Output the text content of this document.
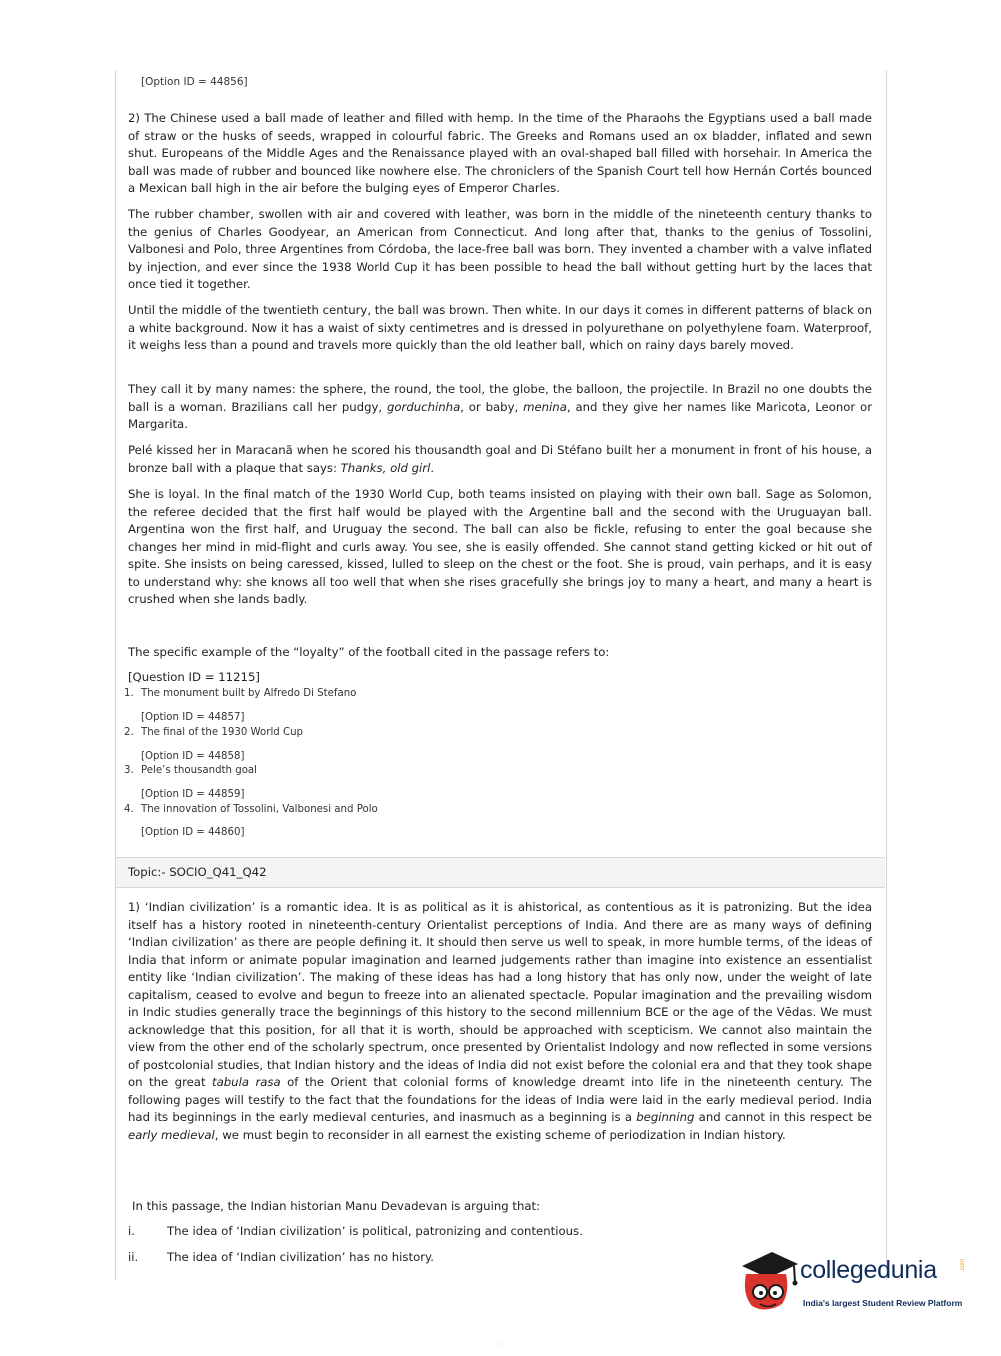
[Option ID = 44856]

2) The Chinese used a ball made of leather and filled with hemp. In the time of the Pharaohs the Egyptians used a ball made of straw or the husks of seeds, wrapped in colourful fabric. The Greeks and Romans used an ox bladder, inflated and sewn shut. Europeans of the Middle Ages and the Renaissance played with an oval-shaped ball filled with horsehair. In America the ball was made of rubber and bounced like nowhere else. The chroniclers of the Spanish Court tell how Hernán Cortés bounced a Mexican ball high in the air before the bulging eyes of Emperor Charles.

The rubber chamber, swollen with air and covered with leather, was born in the middle of the nineteenth century thanks to the genius of Charles Goodyear, an American from Connecticut. And long after that, thanks to the genius of Tossolini, Valbonesi and Polo, three Argentines from Córdoba, the lace-free ball was born. They invented a chamber with a valve inflated by injection, and ever since the 1938 World Cup it has been possible to head the ball without getting hurt by the laces that once tied it together.

Until the middle of the twentieth century, the ball was brown. Then white. In our days it comes in different patterns of black on a white background. Now it has a waist of sixty centimetres and is dressed in polyurethane on polyethylene foam. Waterproof, it weighs less than a pound and travels more quickly than the old leather ball, which on rainy days barely moved.

They call it by many names: the sphere, the round, the tool, the globe, the balloon, the projectile. In Brazil no one doubts the ball is a woman. Brazilians call her pudgy, gorduchinha, or baby, menina, and they give her names like Maricota, Leonor or Margarita.

Pelé kissed her in Maracanã when he scored his thousandth goal and Di Stéfano built her a monument in front of his house, a bronze ball with a plaque that says: Thanks, old girl.

She is loyal. In the final match of the 1930 World Cup, both teams insisted on playing with their own ball. Sage as Solomon, the referee decided that the first half would be played with the Argentine ball and the second with the Uruguayan ball. Argentina won the first half, and Uruguay the second. The ball can also be fickle, refusing to enter the goal because she changes her mind in mid-flight and curls away. You see, she is easily offended. She cannot stand getting kicked or hit out of spite. She insists on being caressed, kissed, lulled to sleep on the chest or the foot. She is proud, vain perhaps, and it is easy to understand why: she knows all too well that when she rises gracefully she brings joy to many a heart, and many a heart is crushed when she lands badly.

The specific example of the “loyalty” of the football cited in the passage refers to:
[Question ID = 11215]
1. The monument built by Alfredo Di Stefano
[Option ID = 44857]
2. The final of the 1930 World Cup
[Option ID = 44858]
3. Pele’s thousandth goal
[Option ID = 44859]
4. The innovation of Tossolini, Valbonesi and Polo
[Option ID = 44860]
Topic:- SOCIO_Q41_Q42

1) ‘Indian civilization’ is a romantic idea. It is as political as it is ahistorical, as contentious as it is patronizing. But the idea itself has a history rooted in nineteenth-century Orientalist perceptions of India. And there are as many ways of defining ‘Indian civilization’ as there are people defining it. It should then serve us well to speak, in more humble terms, of the ideas of India that inform or animate popular imagination and learned judgements rather than imagine into existence an essentialist entity like ‘Indian civilization’. The making of these ideas has had a long history that has only now, under the weight of late capitalism, ceased to evolve and begun to freeze into an alienated spectacle. Popular imagination and the prevailing wisdom in Indic studies generally trace the beginnings of this history to the second millennium BCE or the age of the Vēdas. We must acknowledge that this position, for all that it is worth, should be approached with scepticism. We cannot also maintain the view from the other end of the scholarly spectrum, once presented by Orientalist Indology and now reflected in some versions of postcolonial studies, that Indian history and the ideas of India did not exist before the colonial era and that they took shape on the great tabula rasa of the Orient that colonial forms of knowledge dreamt into life in the nineteenth century. The following pages will testify to the fact that the foundations for the ideas of India were laid in the early medieval period. India had its beginnings in the early medieval centuries, and inasmuch as a beginning is a beginning and cannot in this respect be early medieval, we must begin to reconsider in all earnest the existing scheme of periodization in Indian history.

In this passage, the Indian historian Manu Devadevan is arguing that:
i.	The idea of ‘Indian civilization’ is political, patronizing and contentious.
ii. The idea of ‘Indian civilization’ has no history.	collegedunia	.com
India's largest Student Review Platform
·
